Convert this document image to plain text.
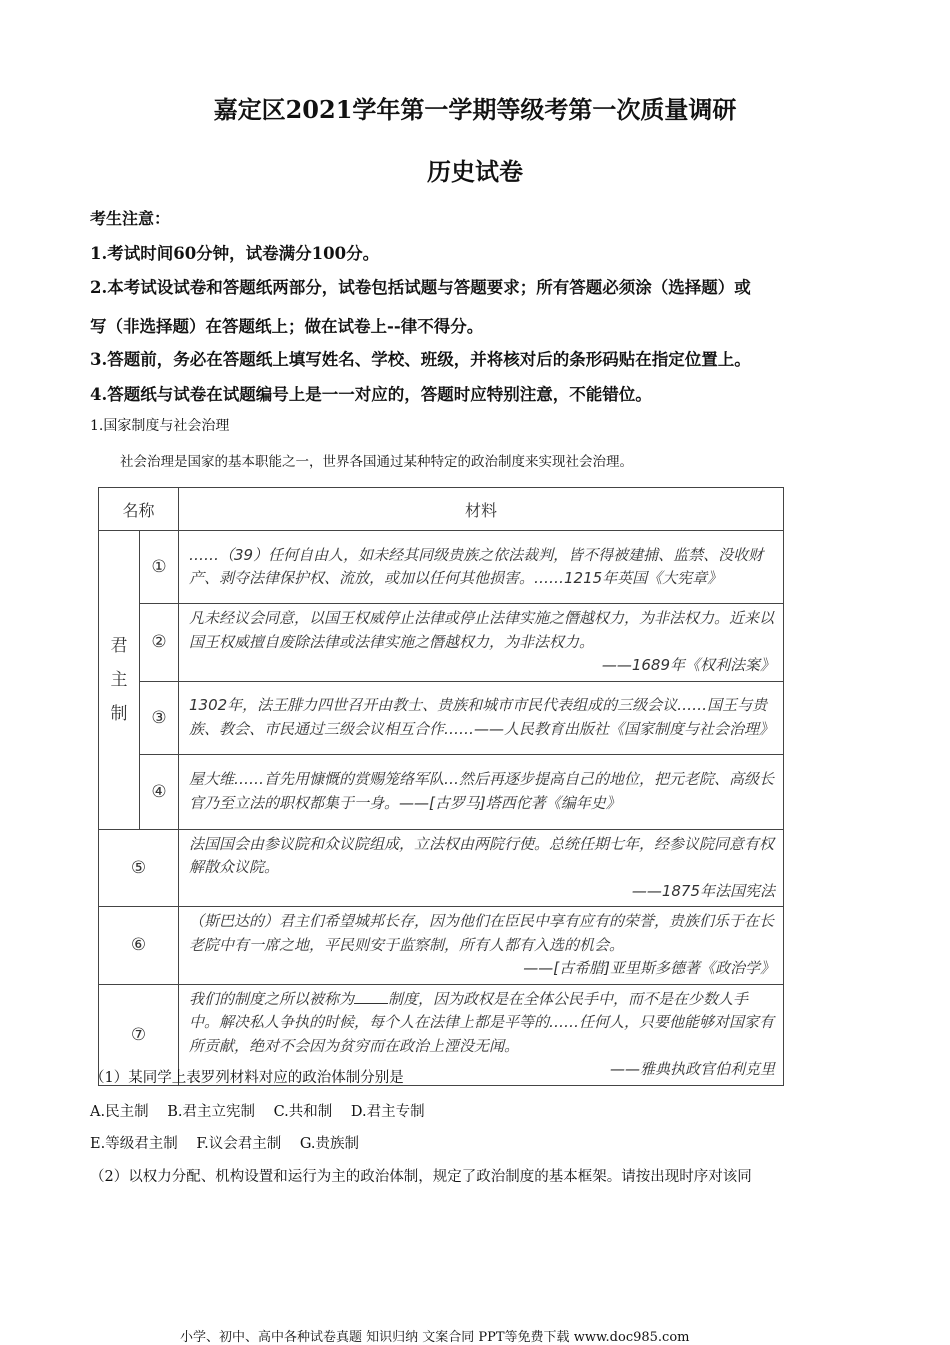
嘉定区2021学年第一学期等级考第一次质量调研
历史试卷
考生注意：
1.考试时间60分钟，试卷满分100分。
2.本考试设试卷和答题纸两部分，试卷包括试题与答题要求；所有答题必须涂（选择题）或
写（非选择题）在答题纸上；做在试卷上--律不得分。
3.答题前，务必在答题纸上填写姓名、学校、班级，并将核对后的条形码贴在指定位置上。
4.答题纸与试卷在试题编号上是一一对应的，答题时应特别注意，不能错位。
1.国家制度与社会治理
社会治理是国家的基本职能之一，世界各国通过某种特定的政治制度来实现社会治理。
名称		材料
君
主
制	①	……（39）任何自由人，如未经其同级贵族之依法裁判，皆不得被建捕、监禁、没收财产、剥夺法律保护权、流放，或加以任何其他损害。……1215年英国《大宪章》
	②	凡未经议会同意，以国王权威停止法律或停止法律实施之僭越权力，为非法权力。近来以国王权威擅自废除法律或法律实施之僭越权力，为非法权力。
——1689年《权利法案》

	③	1302年，法王腓力四世召开由教士、贵族和城市市民代表组成的三级会议……国王与贵族、教会、市民通过三级会议相互合作……——人民教育出版社《国家制度与社会治理》
	④	屋大维……首先用慷慨的赏赐笼络军队…然后再逐步提高自己的地位，把元老院、高级长官乃至立法的职权都集于一身。——[古罗马]塔西佗著《编年史》
⑤		法国国会由参议院和众议院组成，立法权由两院行使。总统任期七年，经参议院同意有权解散众议院。
——1875年法国宪法

⑥		（斯巴达的）君主们希望城邦长存，因为他们在臣民中享有应有的荣誉，贵族们乐于在长老院中有一席之地，平民则安于监察制，所有人都有入选的机会。
——[古希腊]亚里斯多德著《政治学》

⑦		我们的制度之所以被称为 制度，因为政权是在全体公民手中，而不是在少数人手中。解决私人争执的时候，每个人在法律上都是平等的……任何人，只要他能够对国家有所贡献，绝对不会因为贫穷而在政治上湮没无闻。
——雅典执政官伯利克里
（1）某同学上表罗列材料对应的政治体制分别是
A.民主制 B.君主立宪制 C.共和制 D.君主专制
E.等级君主制 F.议会君主制 G.贵族制
（2）以权力分配、机构设置和运行为主的政治体制，规定了政治制度的基本框架。请按出现时序对该同
小学、初中、高中各种试卷真题 知识归纳 文案合同 PPT等免费下载 www.doc985.com
